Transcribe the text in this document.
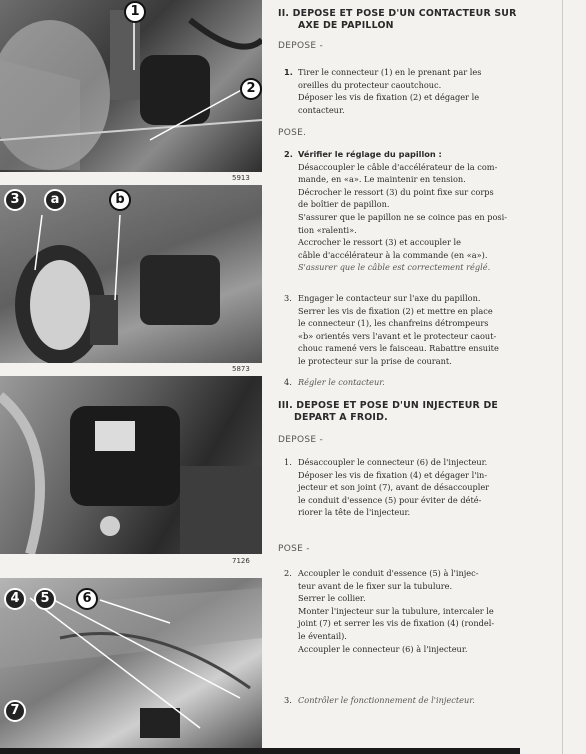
1
2
5913
3	a	b
5873
7126
4	5	6
7
II. DEPOSE ET POSE D'UN CONTACTEUR SUR
AXE DE PAPILLON
DEPOSE -
1. Tirer le connecteur (1) en le prenant par les
oreilles du protecteur caoutchouc.
Déposer les vis de fixation (2) et dégager le
contacteur.
POSE.
2. Vérifier le réglage du papillon :
Désaccoupler le câble d'accélérateur de la com-
mande, en «a». Le maintenir en tension.
Décrocher le ressort (3) du point fixe sur corps
de boîtier de papillon.
S'assurer que le papillon ne se coince pas en posi-
tion «ralenti».
Accrocher le ressort (3) et accoupler le
câble d'accélérateur à la commande (en «a»).
S'assurer que le câble est correctement réglé.
3. Engager le contacteur sur l'axe du papillon.
Serrer les vis de fixation (2) et mettre en place
le connecteur (1), les chanfreins détrompeurs
«b» orientés vers l'avant et le protecteur caout-
chouc ramené vers le faisceau. Rabattre ensuite
le protecteur sur la prise de courant.
4. Régler le contacteur.
III. DEPOSE ET POSE D'UN INJECTEUR DE
DEPART A FROID.
DEPOSE -
1. Désaccoupler le connecteur (6) de l'injecteur.
Déposer les vis de fixation (4) et dégager l'in-
jecteur et son joint (7), avant de désaccoupler
le conduit d'essence (5) pour éviter de dété-
riorer la tête de l'injecteur.
POSE -
2. Accoupler le conduit d'essence (5) à l'injec-
teur avant de le fixer sur la tubulure.
Serrer le collier.
Monter l'injecteur sur la tubulure, intercaler le
joint (7) et serrer les vis de fixation (4) (rondel-
le éventail).
Accoupler le connecteur (6) à l'injecteur.
3. Contrôler le fonctionnement de l'injecteur.
